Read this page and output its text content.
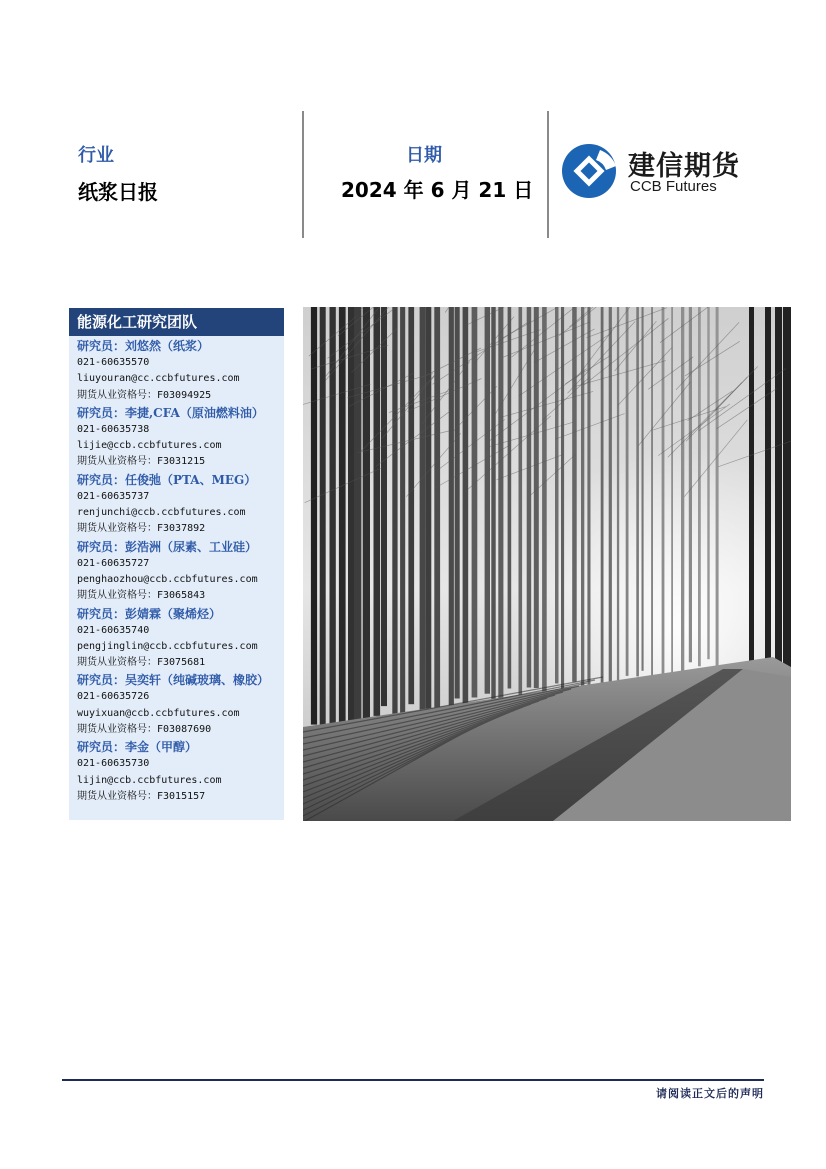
行业
纸浆日报
日期
2024 年 6 月 21 日
建信期货
CCB Futures
能源化工研究团队
研究员：刘悠然（纸浆）
021-60635570
liuyouran@cc.ccbfutures.com
期货从业资格号：F03094925
研究员：李捷,CFA（原油燃料油）
021-60635738
lijie@ccb.ccbfutures.com
期货从业资格号：F3031215
研究员：任俊弛（PTA、MEG）
021-60635737
renjunchi@ccb.ccbfutures.com
期货从业资格号：F3037892
研究员：彭浩洲（尿素、工业硅）
021-60635727
penghaozhou@ccb.ccbfutures.com
期货从业资格号：F3065843
研究员：彭婧霖（聚烯烃）
021-60635740
pengjinglin@ccb.ccbfutures.com
期货从业资格号：F3075681
研究员：吴奕轩（纯碱玻璃、橡胶）
021-60635726
wuyixuan@ccb.ccbfutures.com
期货从业资格号：F03087690
研究员：李金（甲醇）
021-60635730
lijin@ccb.ccbfutures.com
期货从业资格号：F3015157
请阅读正文后的声明
